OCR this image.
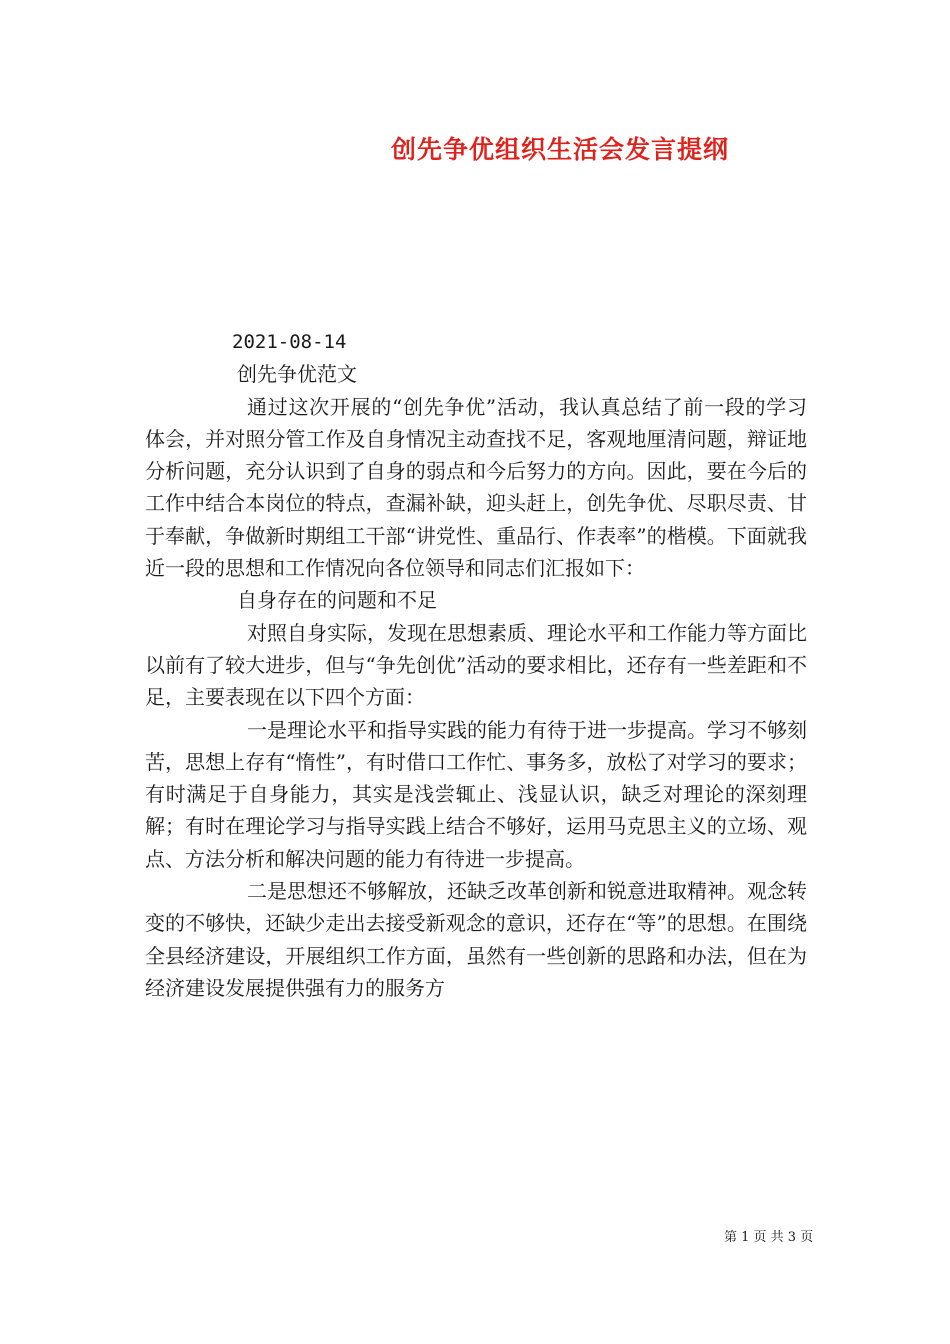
创先争优组织生活会发言提纲

2021-08-14

创先争优范文

通过这次开展的“创先争优”活动，我认真总结了前一段的学习体会，并对照分管工作及自身情况主动查找不足，客观地厘清问题，辩证地分析问题，充分认识到了自身的弱点和今后努力的方向。因此，要在今后的工作中结合本岗位的特点，查漏补缺，迎头赶上，创先争优、尽职尽责、甘于奉献，争做新时期组工干部“讲党性、重品行、作表率”的楷模。下面就我近一段的思想和工作情况向各位领导和同志们汇报如下：

自身存在的问题和不足

对照自身实际，发现在思想素质、理论水平和工作能力等方面比以前有了较大进步，但与“争先创优”活动的要求相比，还存有一些差距和不足，主要表现在以下四个方面：

一是理论水平和指导实践的能力有待于进一步提高。学习不够刻苦，思想上存有“惰性”，有时借口工作忙、事务多，放松了对学习的要求；有时满足于自身能力，其实是浅尝辄止、浅显认识，缺乏对理论的深刻理解；有时在理论学习与指导实践上结合不够好，运用马克思主义的立场、观点、方法分析和解决问题的能力有待进一步提高。

二是思想还不够解放，还缺乏改革创新和锐意进取精神。观念转变的不够快，还缺少走出去接受新观念的意识，还存在“等”的思想。在围绕全县经济建设，开展组织工作方面，虽然有一些创新的思路和办法，但在为经济建设发展提供强有力的服务方

第 1 页 共 3 页
